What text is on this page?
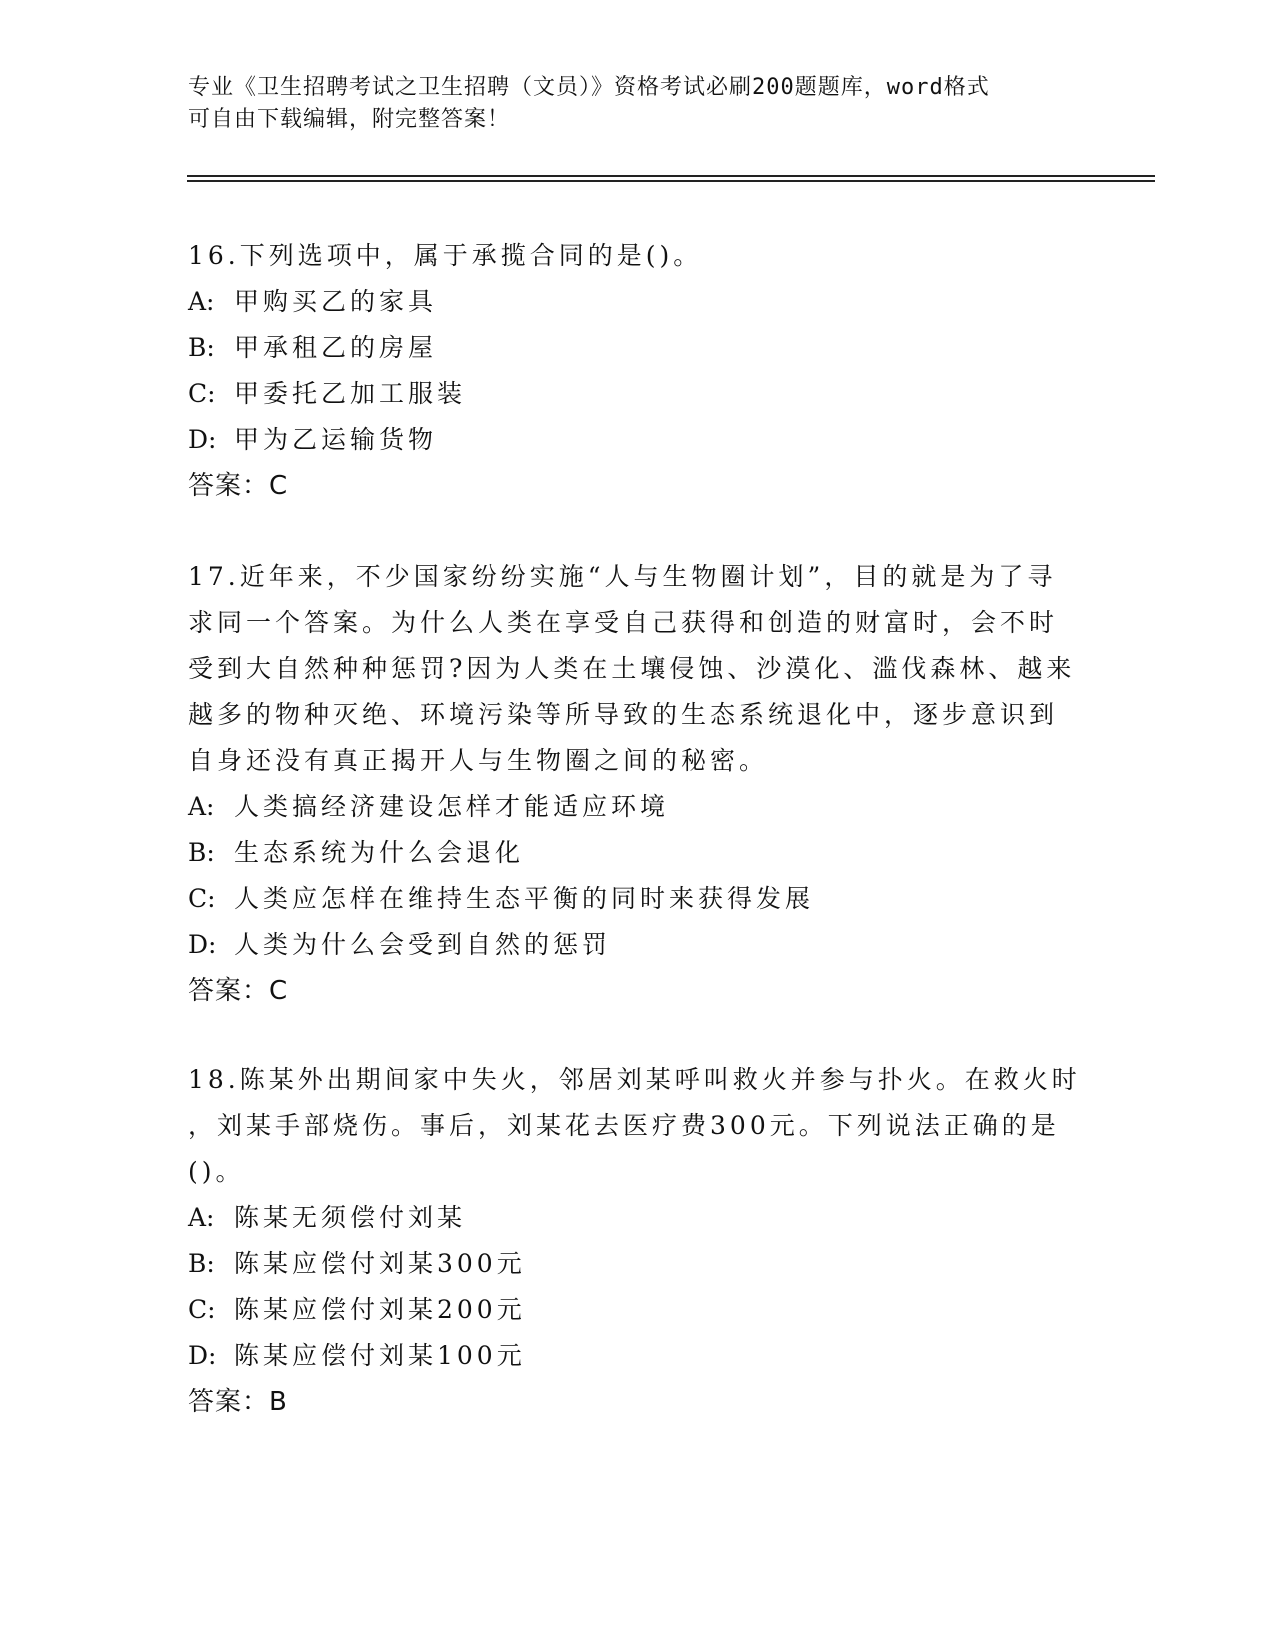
专业《卫生招聘考试之卫生招聘（文员）》资格考试必刷200题题库，word格式
可自由下载编辑，附完整答案！
16.下列选项中，属于承揽合同的是()。
A: 甲购买乙的家具
B: 甲承租乙的房屋
C: 甲委托乙加工服装
D: 甲为乙运输货物
答案：C
17.近年来，不少国家纷纷实施“人与生物圈计划”，目的就是为了寻
求同一个答案。为什么人类在享受自己获得和创造的财富时，会不时
受到大自然种种惩罚?因为人类在土壤侵蚀、沙漠化、滥伐森林、越来
越多的物种灭绝、环境污染等所导致的生态系统退化中，逐步意识到
自身还没有真正揭开人与生物圈之间的秘密。
A: 人类搞经济建设怎样才能适应环境
B: 生态系统为什么会退化
C: 人类应怎样在维持生态平衡的同时来获得发展
D: 人类为什么会受到自然的惩罚
答案：C
18.陈某外出期间家中失火，邻居刘某呼叫救火并参与扑火。在救火时
，刘某手部烧伤。事后，刘某花去医疗费300元。下列说法正确的是
()。
A: 陈某无须偿付刘某
B: 陈某应偿付刘某300元
C: 陈某应偿付刘某200元
D: 陈某应偿付刘某100元
答案：B
